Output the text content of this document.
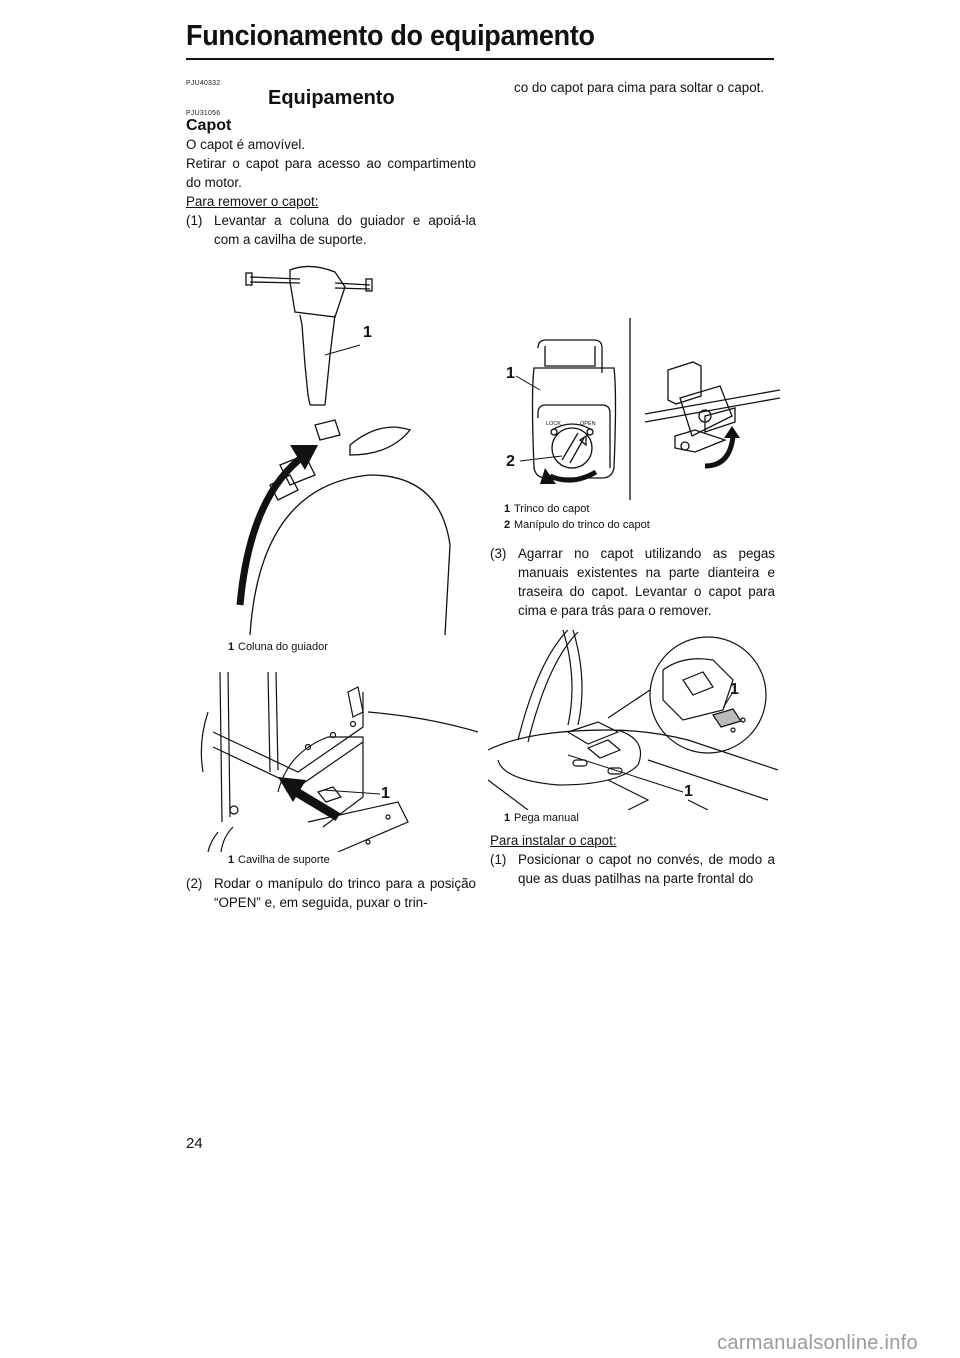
Funcionamento do equipamento
PJU40332
Equipamento
PJU31056
Capot
O capot é amovível.
Retirar o capot para acesso ao compartimento do motor.
Para remover o capot:
(1) Levantar a coluna do guiador e apoiá-la com a cavilha de suporte.
1
1 Coluna do guiador
1
1 Cavilha de suporte
(2) Rodar o manípulo do trinco para a posição “OPEN” e, em seguida, puxar o trin-
co do capot para cima para soltar o capot.
LOCK	OPEN
1
2
1 Trinco do capot
2 Manípulo do trinco do capot
(3) Agarrar no capot utilizando as pegas manuais existentes na parte dianteira e traseira do capot. Levantar o capot para cima e para trás para o remover.
1
1
1 Pega manual
Para instalar o capot:
(1) Posicionar o capot no convés, de modo a que as duas patilhas na parte frontal do
24
carmanualsonline.info
